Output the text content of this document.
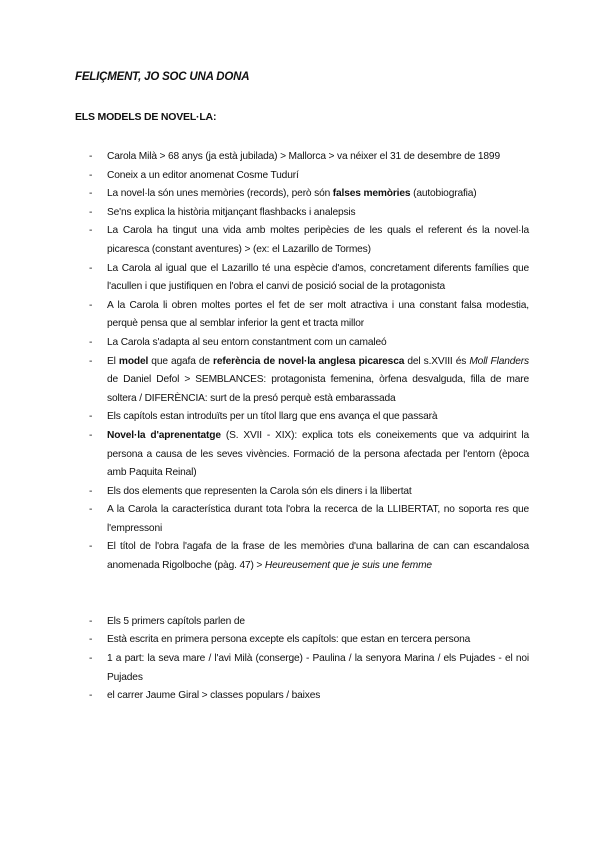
FELIÇMENT, JO SOC UNA DONA
ELS MODELS DE NOVEL·LA:
- Carola Milà > 68 anys (ja està jubilada) > Mallorca > va néixer el 31 de desembre de 1899
- Coneix a un editor anomenat Cosme Tudurí
- La novel·la són unes memòries (records), però són falses memòries (autobiografia)
- Se'ns explica la història mitjançant flashbacks i analepsis
- La Carola ha tingut una vida amb moltes peripècies de les quals el referent és la novel·la picaresca (constant aventures) > (ex: el Lazarillo de Tormes)
- La Carola al igual que el Lazarillo té una espècie d'amos, concretament diferents famílies que l'acullen i que justifiquen en l'obra el canvi de posició social de la protagonista
- A la Carola li obren moltes portes el fet de ser molt atractiva i una constant falsa modestia, perquè pensa que al semblar inferior la gent et tracta millor
- La Carola s'adapta al seu entorn constantment com un camaleó
- El model que agafa de referència de novel·la anglesa picaresca del s.XVIII és Moll Flanders de Daniel Defol > SEMBLANCES: protagonista femenina, òrfena desvalguda, filla de mare soltera / DIFERÈNCIA: surt de la presó perquè està embarassada
- Els capítols estan introduïts per un títol llarg que ens avança el que passarà
- Novel·la d'aprenentatge (S. XVII - XIX): explica tots els coneixements que va adquirint la persona a causa de les seves vivències. Formació de la persona afectada per l'entorn (època amb Paquita Reinal)
- Els dos elements que representen la Carola són els diners i la llibertat
- A la Carola la característica durant tota l'obra la recerca de la LLIBERTAT, no soporta res que l'empressoni
- El títol de l'obra l'agafa de la frase de les memòries d'una ballarina de can can escandalosa anomenada Rigolboche (pàg. 47) > Heureusement que je suis une femme
- Els 5 primers capítols parlen de
- Està escrita en primera persona excepte els capítols: que estan en tercera persona
- 1 a part: la seva mare / l'avi Milà (conserge) - Paulina / la senyora Marina / els Pujades - el noi Pujades
- el carrer Jaume Giral > classes populars / baixes
